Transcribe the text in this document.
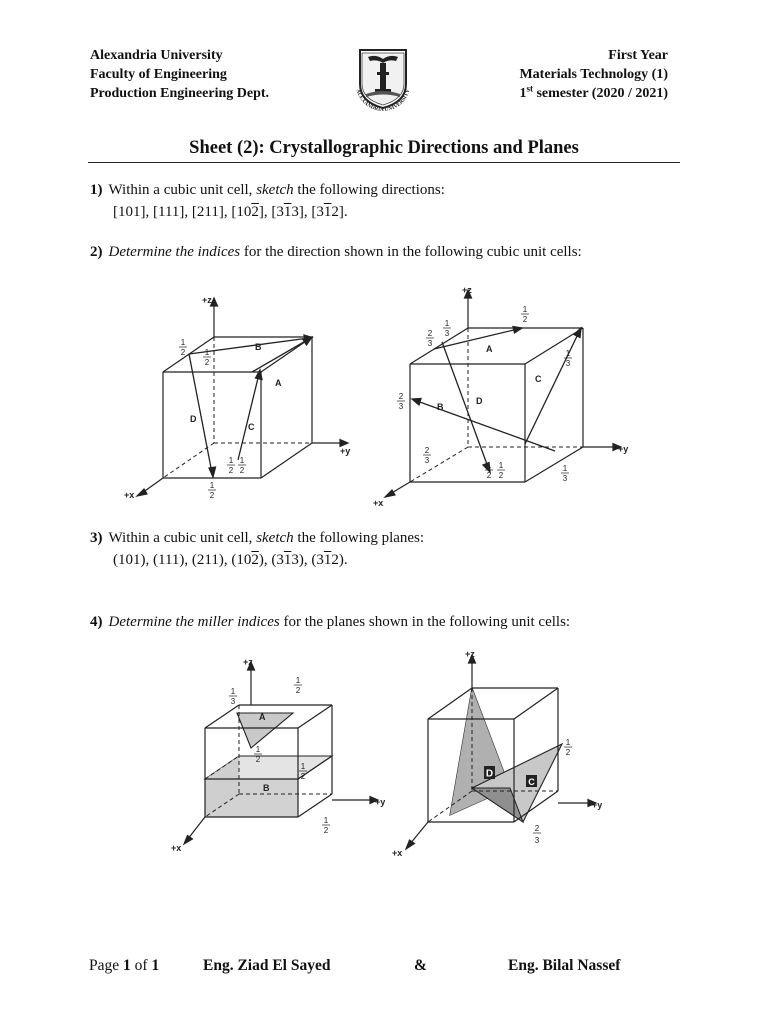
Alexandria University
Faculty of Engineering
Production Engineering Dept.	ALEXANDRIA UNIVERSITY
First Year
Materials Technology (1)
1st semester (2020 / 2021)
Sheet (2): Crystallographic Directions and Planes
1) Within a cubic unit cell, sketch the following directions:
[101], [111], [211], [102], [313], [312].
2) Determine the indices for the direction shown in the following cubic unit cells:
B
A
C
D
+z
+y
+x
1
2 1
2
1
2
1
2
1
2
A
C
B
D
+z
+y
+x
2
3
1
3
1
2
1
3
2
3
2
3
1
2
1
2
1
3
3) Within a cubic unit cell, sketch the following planes:
(101), (111), (211), (102), (313), (312).
4) Determine the miller indices for the planes shown in the following unit cells:
A
B
+z
+y
+x
1
3
1
2
1
2
1
2
1
2
D
C
+z
+y
+x
1
2
2
3
Page 1 of 1	Eng. Ziad El Sayed	&	Eng. Bilal Nassef
